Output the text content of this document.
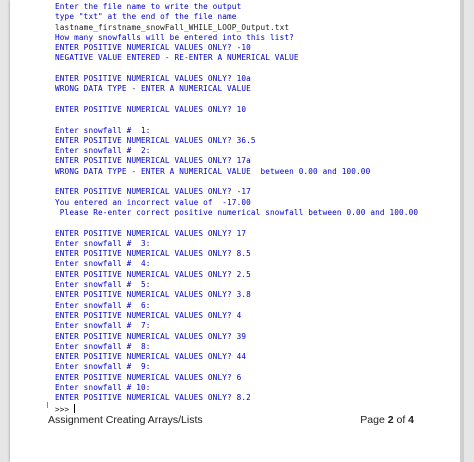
Enter the file name to write the output
type "txt" at the end of the file name
lastname_firstname_snowFall_WHILE_LOOP_Output.txt
How many snowfalls will be entered into this list?
ENTER POSITIVE NUMERICAL VALUES ONLY? -10
NEGATIVE VALUE ENTERED - RE-ENTER A NUMERICAL VALUE
ENTER POSITIVE NUMERICAL VALUES ONLY? 10a
WRONG DATA TYPE - ENTER A NUMERICAL VALUE
ENTER POSITIVE NUMERICAL VALUES ONLY? 10
Enter snowfall #  1:
ENTER POSITIVE NUMERICAL VALUES ONLY? 36.5
Enter snowfall #  2:
ENTER POSITIVE NUMERICAL VALUES ONLY? 17a
WRONG DATA TYPE - ENTER A NUMERICAL VALUE  between 0.00 and 100.00
ENTER POSITIVE NUMERICAL VALUES ONLY? -17
You entered an incorrect value of  -17.00
Please Re-enter correct positive numerical snowfall between 0.00 and 100.00
ENTER POSITIVE NUMERICAL VALUES ONLY? 17
Enter snowfall #  3:
ENTER POSITIVE NUMERICAL VALUES ONLY? 8.5
Enter snowfall #  4:
ENTER POSITIVE NUMERICAL VALUES ONLY? 2.5
Enter snowfall #  5:
ENTER POSITIVE NUMERICAL VALUES ONLY? 3.8
Enter snowfall #  6:
ENTER POSITIVE NUMERICAL VALUES ONLY? 4
Enter snowfall #  7:
ENTER POSITIVE NUMERICAL VALUES ONLY? 39
Enter snowfall #  8:
ENTER POSITIVE NUMERICAL VALUES ONLY? 44
Enter snowfall #  9:
ENTER POSITIVE NUMERICAL VALUES ONLY? 6
Enter snowfall # 10:
ENTER POSITIVE NUMERICAL VALUES ONLY? 8.2
>>>
Assignment Creating Arrays/Lists	Page 2 of 4
